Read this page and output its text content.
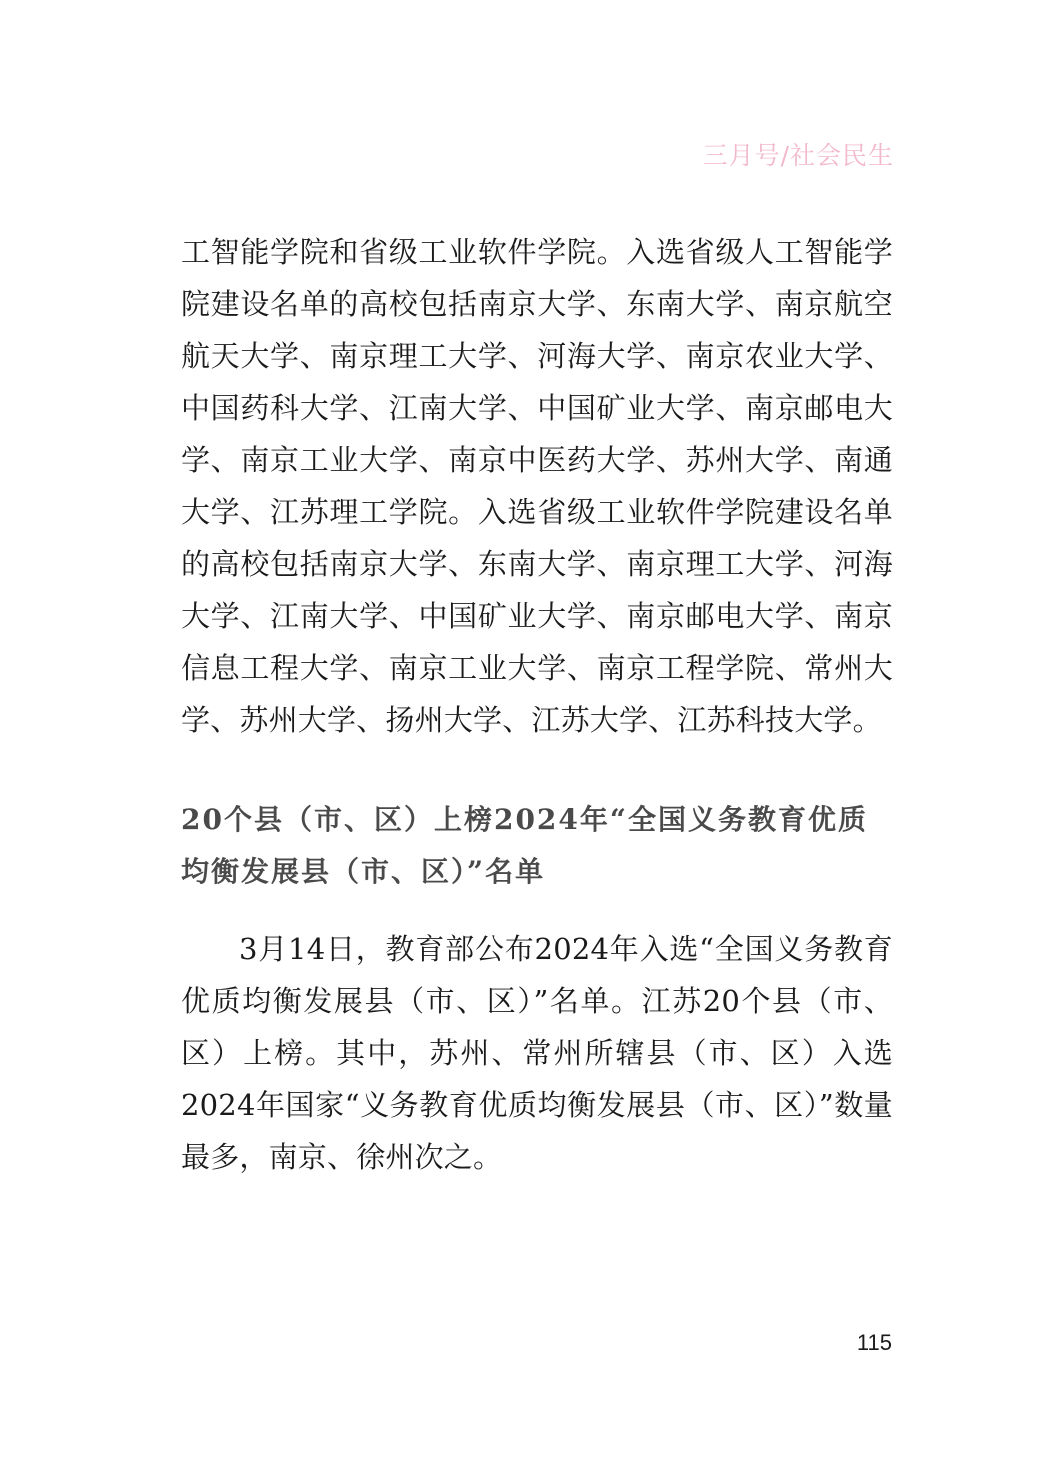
三月号/社会民生

工智能学院和省级工业软件学院。入选省级人工智能学院建设名单的高校包括南京大学、东南大学、南京航空航天大学、南京理工大学、河海大学、南京农业大学、中国药科大学、江南大学、中国矿业大学、南京邮电大学、南京工业大学、南京中医药大学、苏州大学、南通大学、江苏理工学院。入选省级工业软件学院建设名单的高校包括南京大学、东南大学、南京理工大学、河海大学、江南大学、中国矿业大学、南京邮电大学、南京信息工程大学、南京工业大学、南京工程学院、常州大学、苏州大学、扬州大学、江苏大学、江苏科技大学。

20个县（市、区）上榜2024年“全国义务教育优质均衡发展县（市、区）”名单

3月14日，教育部公布2024年入选“全国义务教育优质均衡发展县（市、区）”名单。江苏20个县（市、区）上榜。其中，苏州、常州所辖县（市、区）入选2024年国家“义务教育优质均衡发展县（市、区）”数量最多，南京、徐州次之。

115
